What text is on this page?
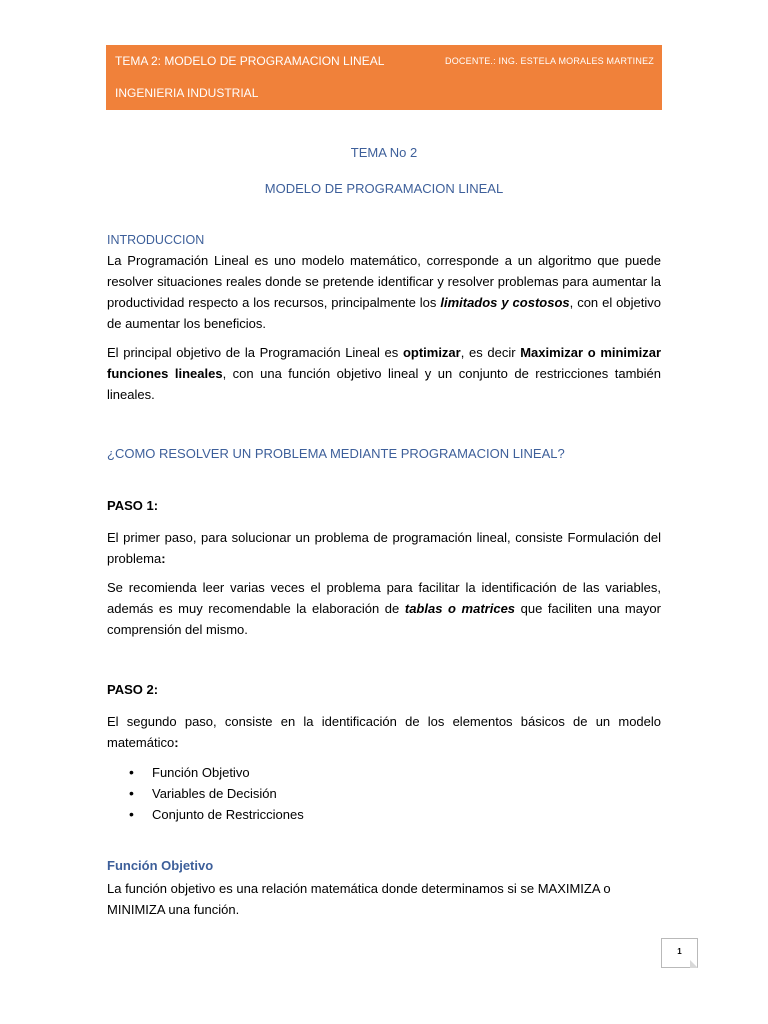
TEMA 2: MODELO DE PROGRAMACION LINEAL	DOCENTE.: ING. ESTELA MORALES MARTINEZ
INGENIERIA INDUSTRIAL
TEMA No 2
MODELO DE PROGRAMACION LINEAL
INTRODUCCION

La Programación Lineal es uno modelo matemático, corresponde a un algoritmo que puede resolver situaciones reales donde se pretende identificar y resolver problemas para aumentar la productividad respecto a los recursos, principalmente los limitados y costosos, con el objetivo de aumentar los beneficios.

El principal objetivo de la Programación Lineal es optimizar, es decir Maximizar o minimizar funciones lineales, con una función objetivo lineal y un conjunto de restricciones también lineales.

¿COMO RESOLVER UN PROBLEMA MEDIANTE PROGRAMACION LINEAL?
PASO 1:

El primer paso, para solucionar un problema de programación lineal, consiste Formulación del problema:

Se recomienda leer varias veces el problema para facilitar la identificación de las variables, además es muy recomendable la elaboración de tablas o matrices que faciliten una mayor comprensión del mismo.

PASO 2:

El segundo paso, consiste en la identificación de los elementos básicos de un modelo matemático:

• Función Objetivo
• Variables de Decisión
• Conjunto de Restricciones
Función Objetivo

La función objetivo es una relación matemática donde determinamos si se MAXIMIZA o MINIMIZA una función.

1
